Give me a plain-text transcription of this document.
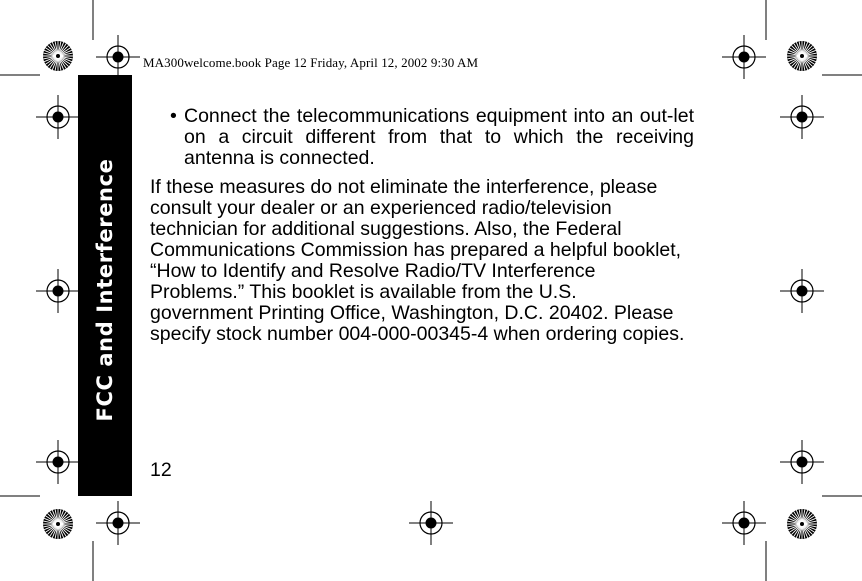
MA300welcome.book Page 12 Friday, April 12, 2002 9:30 AM
FCC and Interference
• Connect the telecommunications equipment into an out-let on a circuit different from that to which the receiving antenna is connected.
If these measures do not eliminate the interference, please consult your dealer or an experienced radio/television technician for additional suggestions. Also, the Federal Communications Commission has prepared a helpful booklet, “How to Identify and Resolve Radio/TV Interference Problems.” This booklet is available from the U.S. government Printing Office, Washington, D.C. 20402. Please specify stock number 004-000-00345-4 when ordering copies.
12
